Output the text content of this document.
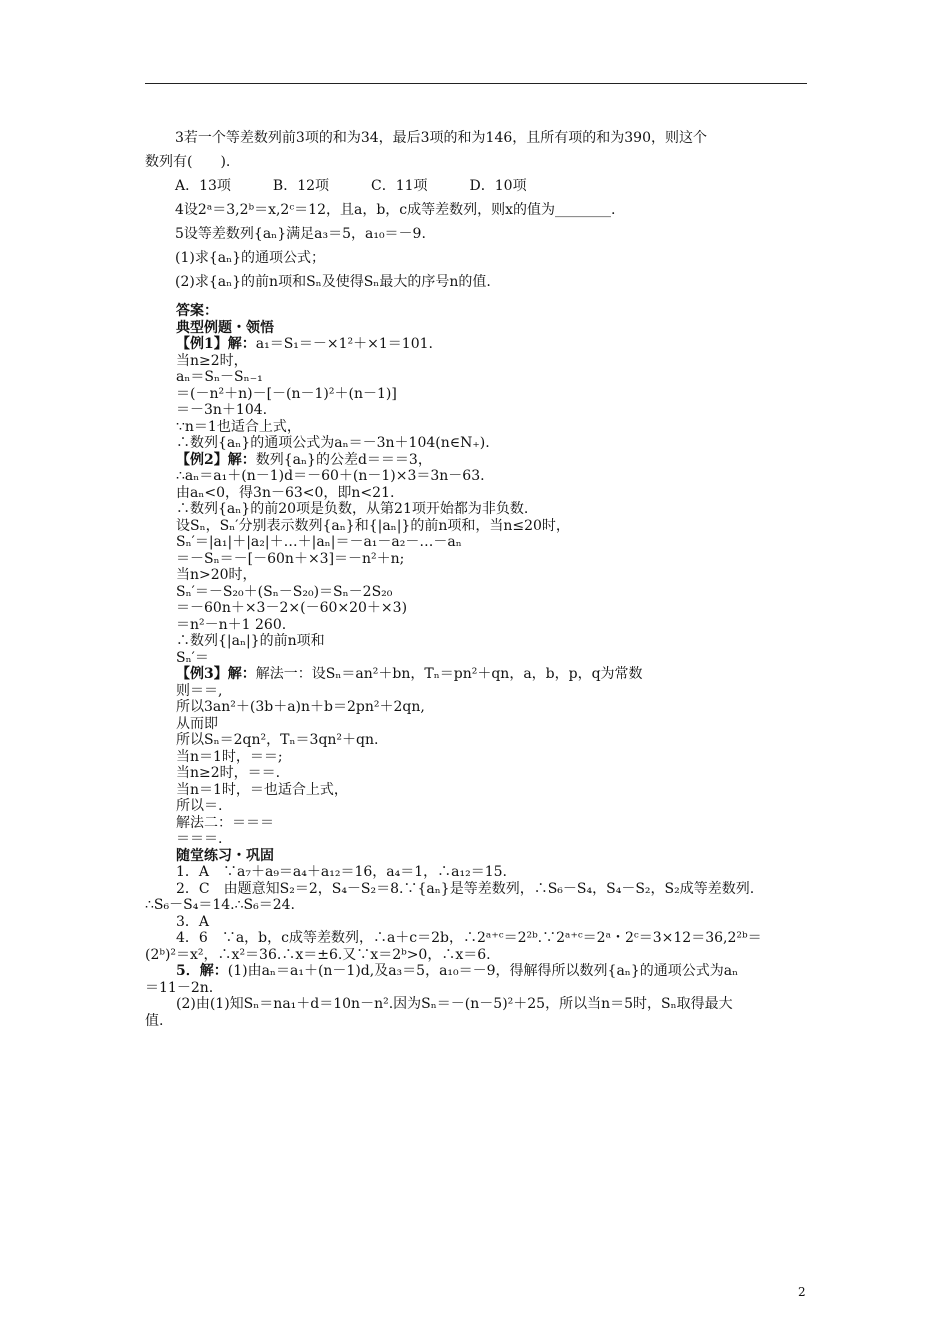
3若一个等差数列前3项的和为34，最后3项的和为146，且所有项的和为390，则这个
数列有(　　).
A．13项　　　B．12项　　　C．11项　　　D．10项
4设2ᵃ＝3,2ᵇ＝x,2ᶜ＝12，且a，b，c成等差数列，则x的值为________.
5设等差数列{aₙ}满足a₃＝5，a₁₀＝－9.
(1)求{aₙ}的通项公式；
(2)求{aₙ}的前n项和Sₙ及使得Sₙ最大的序号n的值.
答案：
典型例题・领悟
【例1】解：a₁＝S₁＝－×1²＋×1＝101.
当n≥2时，
aₙ＝Sₙ－Sₙ₋₁
＝(－n²＋n)－[－(n－1)²＋(n－1)]
＝－3n＋104.
∵n＝1也适合上式，
∴数列{aₙ}的通项公式为aₙ＝－3n＋104(n∈N₊).
【例2】解：数列{aₙ}的公差d＝＝＝3，
∴aₙ＝a₁＋(n－1)d＝－60＋(n－1)×3＝3n－63.
由aₙ<0，得3n－63<0，即n<21.
∴数列{aₙ}的前20项是负数，从第21项开始都为非负数.
设Sₙ，Sₙ′分别表示数列{aₙ}和{|aₙ|}的前n项和，当n≤20时，
Sₙ′＝|a₁|＋|a₂|＋…＋|aₙ|＝－a₁－a₂－…－aₙ
＝－Sₙ＝－[－60n＋×3]＝－n²＋n;
当n>20时，
Sₙ′＝－S₂₀＋(Sₙ－S₂₀)＝Sₙ－2S₂₀
＝－60n＋×3－2×(－60×20＋×3)
＝n²－n＋1 260.
∴数列{|aₙ|}的前n项和
Sₙ′＝
【例3】解：解法一：设Sₙ＝an²＋bn，Tₙ＝pn²＋qn，a，b，p，q为常数
则＝＝,
所以3an²＋(3b＋a)n＋b＝2pn²＋2qn,
从而即
所以Sₙ＝2qn²，Tₙ＝3qn²＋qn.
当n＝1时，＝＝;
当n≥2时，＝＝.
当n＝1时，＝也适合上式，
所以＝.
解法二：＝＝＝
＝＝＝.
随堂练习・巩固
1．A　∵a₇＋a₉＝a₄＋a₁₂＝16，a₄＝1，∴a₁₂＝15.
2．C　由题意知S₂＝2，S₄－S₂＝8.∵{aₙ}是等差数列，∴S₆－S₄，S₄－S₂，S₂成等差数列.
∴S₆－S₄＝14.∴S₆＝24.
3．A
4．6　∵a，b，c成等差数列，∴a＋c＝2b，∴2ᵃ⁺ᶜ＝2²ᵇ.∵2ᵃ⁺ᶜ＝2ᵃ・2ᶜ＝3×12＝36,2²ᵇ＝
(2ᵇ)²＝x²，∴x²＝36.∴x＝±6.又∵x＝2ᵇ>0，∴x＝6.
5．解：(1)由aₙ＝a₁＋(n－1)d,及a₃＝5，a₁₀＝－9，得解得所以数列{aₙ}的通项公式为aₙ
＝11－2n.
(2)由(1)知Sₙ＝na₁＋d＝10n－n².因为Sₙ＝－(n－5)²＋25，所以当n＝5时，Sₙ取得最大
值.
2
